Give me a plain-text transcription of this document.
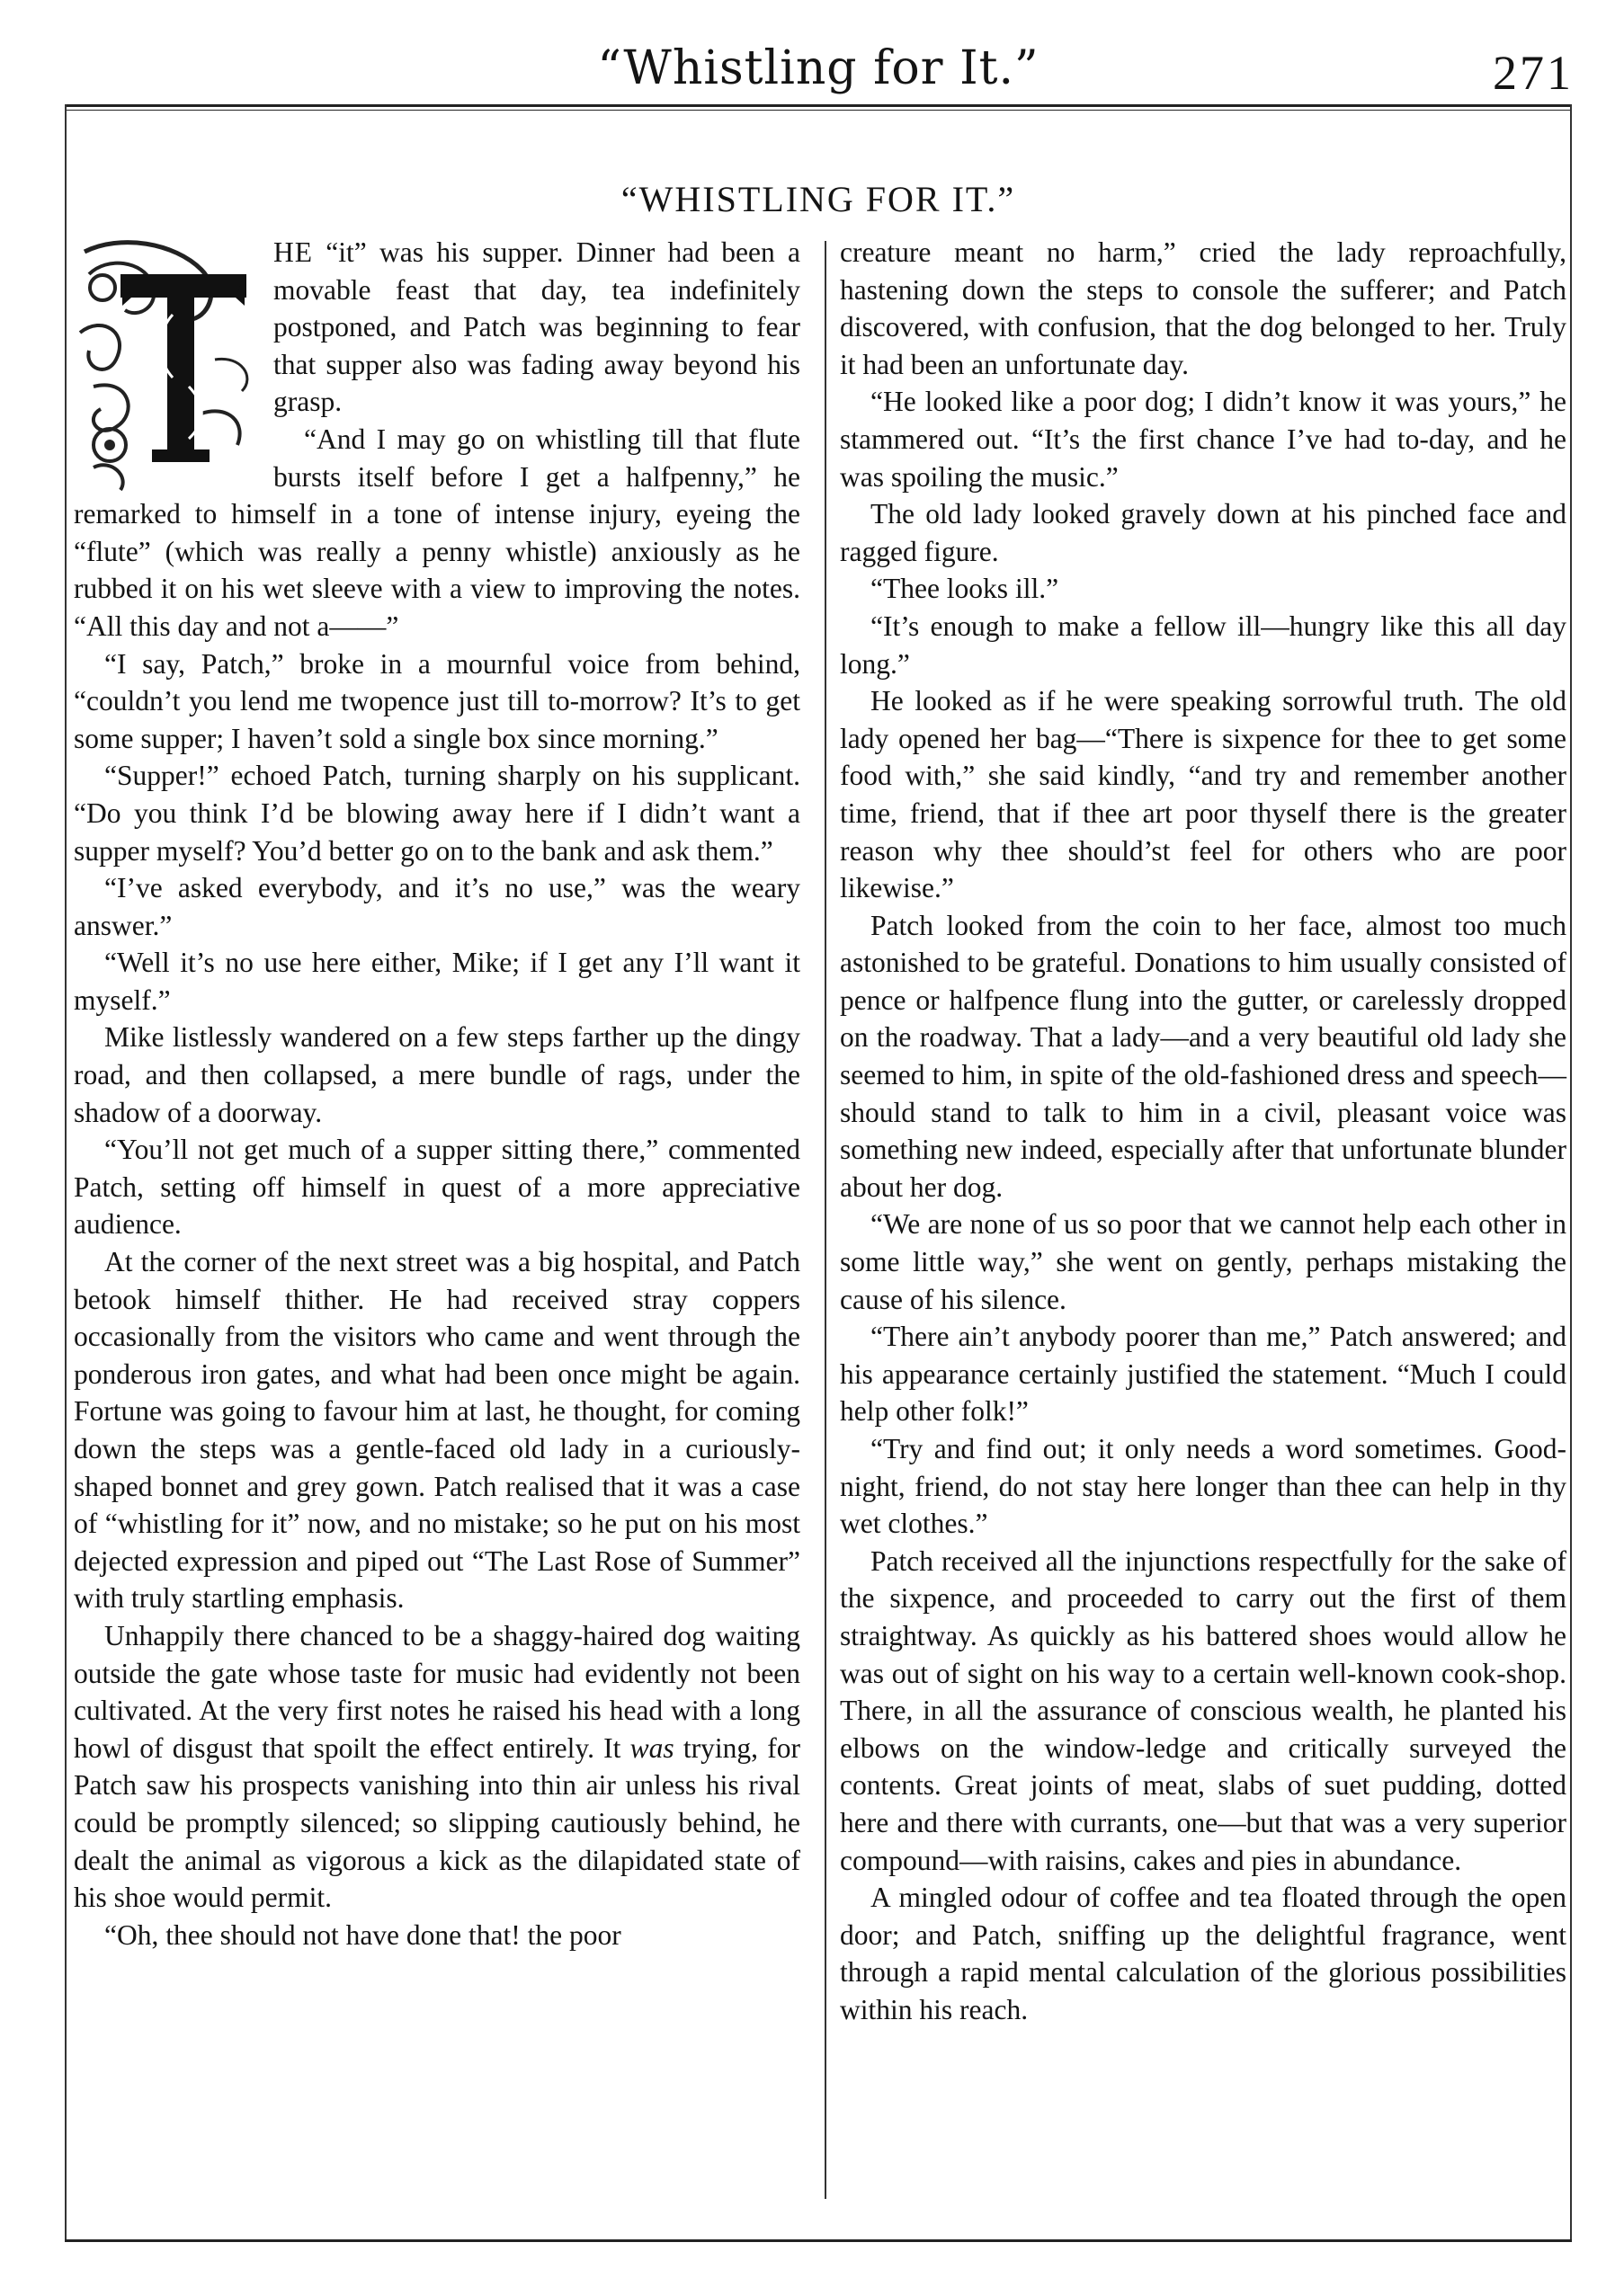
“Whistling for It.”	271
“WHISTLING FOR IT.”

T
HE “it” was his supper. Dinner had been a movable feast that day, tea indefinitely postponed, and Patch was beginning to fear that supper also was fading away beyond his grasp.

“And I may go on whistling till that flute bursts itself before I get a halfpenny,” he remarked to himself in a tone of intense injury, eyeing the “flute” (which was really a penny whistle) anxiously as he rubbed it on his wet sleeve with a view to improving the notes. “All this day and not a——”

“I say, Patch,” broke in a mournful voice from behind, “couldn’t you lend me twopence just till to-morrow? It’s to get some supper; I haven’t sold a single box since morning.”

“Supper!” echoed Patch, turning sharply on his supplicant. “Do you think I’d be blowing away here if I didn’t want a supper myself? You’d better go on to the bank and ask them.”

“I’ve asked everybody, and it’s no use,” was the weary answer.”

“Well it’s no use here either, Mike; if I get any I’ll want it myself.”

Mike listlessly wandered on a few steps farther up the dingy road, and then collapsed, a mere bundle of rags, under the shadow of a doorway.

“You’ll not get much of a supper sitting there,” commented Patch, setting off himself in quest of a more appreciative audience.

At the corner of the next street was a big hospital, and Patch betook himself thither. He had received stray coppers occasionally from the visitors who came and went through the ponderous iron gates, and what had been once might be again. Fortune was going to favour him at last, he thought, for coming down the steps was a gentle-faced old lady in a curiously-shaped bonnet and grey gown. Patch realised that it was a case of “whistling for it” now, and no mistake; so he put on his most dejected expression and piped out “The Last Rose of Summer” with truly startling emphasis.

Unhappily there chanced to be a shaggy-haired dog waiting outside the gate whose taste for music had evidently not been cultivated. At the very first notes he raised his head with a long howl of disgust that spoilt the effect entirely. It was trying, for Patch saw his prospects vanishing into thin air unless his rival could be promptly silenced; so slipping cautiously behind, he dealt the animal as vigorous a kick as the dilapidated state of his shoe would permit.

“Oh, thee should not have done that! the poor

creature meant no harm,” cried the lady reproachfully, hastening down the steps to console the sufferer; and Patch discovered, with confusion, that the dog belonged to her. Truly it had been an unfortunate day.

“He looked like a poor dog; I didn’t know it was yours,” he stammered out. “It’s the first chance I’ve had to-day, and he was spoiling the music.”

The old lady looked gravely down at his pinched face and ragged figure.

“Thee looks ill.”

“It’s enough to make a fellow ill—hungry like this all day long.”

He looked as if he were speaking sorrowful truth. The old lady opened her bag—“There is sixpence for thee to get some food with,” she said kindly, “and try and remember another time, friend, that if thee art poor thyself there is the greater reason why thee should’st feel for others who are poor likewise.”

Patch looked from the coin to her face, almost too much astonished to be grateful. Donations to him usually consisted of pence or halfpence flung into the gutter, or carelessly dropped on the roadway. That a lady—and a very beautiful old lady she seemed to him, in spite of the old-fashioned dress and speech—should stand to talk to him in a civil, pleasant voice was something new indeed, especially after that unfortunate blunder about her dog.

“We are none of us so poor that we cannot help each other in some little way,” she went on gently, perhaps mistaking the cause of his silence.

“There ain’t anybody poorer than me,” Patch answered; and his appearance certainly justified the statement. “Much I could help other folk!”

“Try and find out; it only needs a word sometimes. Good-night, friend, do not stay here longer than thee can help in thy wet clothes.”

Patch received all the injunctions respectfully for the sake of the sixpence, and proceeded to carry out the first of them straightway. As quickly as his battered shoes would allow he was out of sight on his way to a certain well-known cook-shop. There, in all the assurance of conscious wealth, he planted his elbows on the window-ledge and critically surveyed the contents. Great joints of meat, slabs of suet pudding, dotted here and there with currants, one—but that was a very superior compound—with raisins, cakes and pies in abundance.

A mingled odour of coffee and tea floated through the open door; and Patch, sniffing up the delightful fragrance, went through a rapid mental calculation of the glorious possibilities within his reach.
